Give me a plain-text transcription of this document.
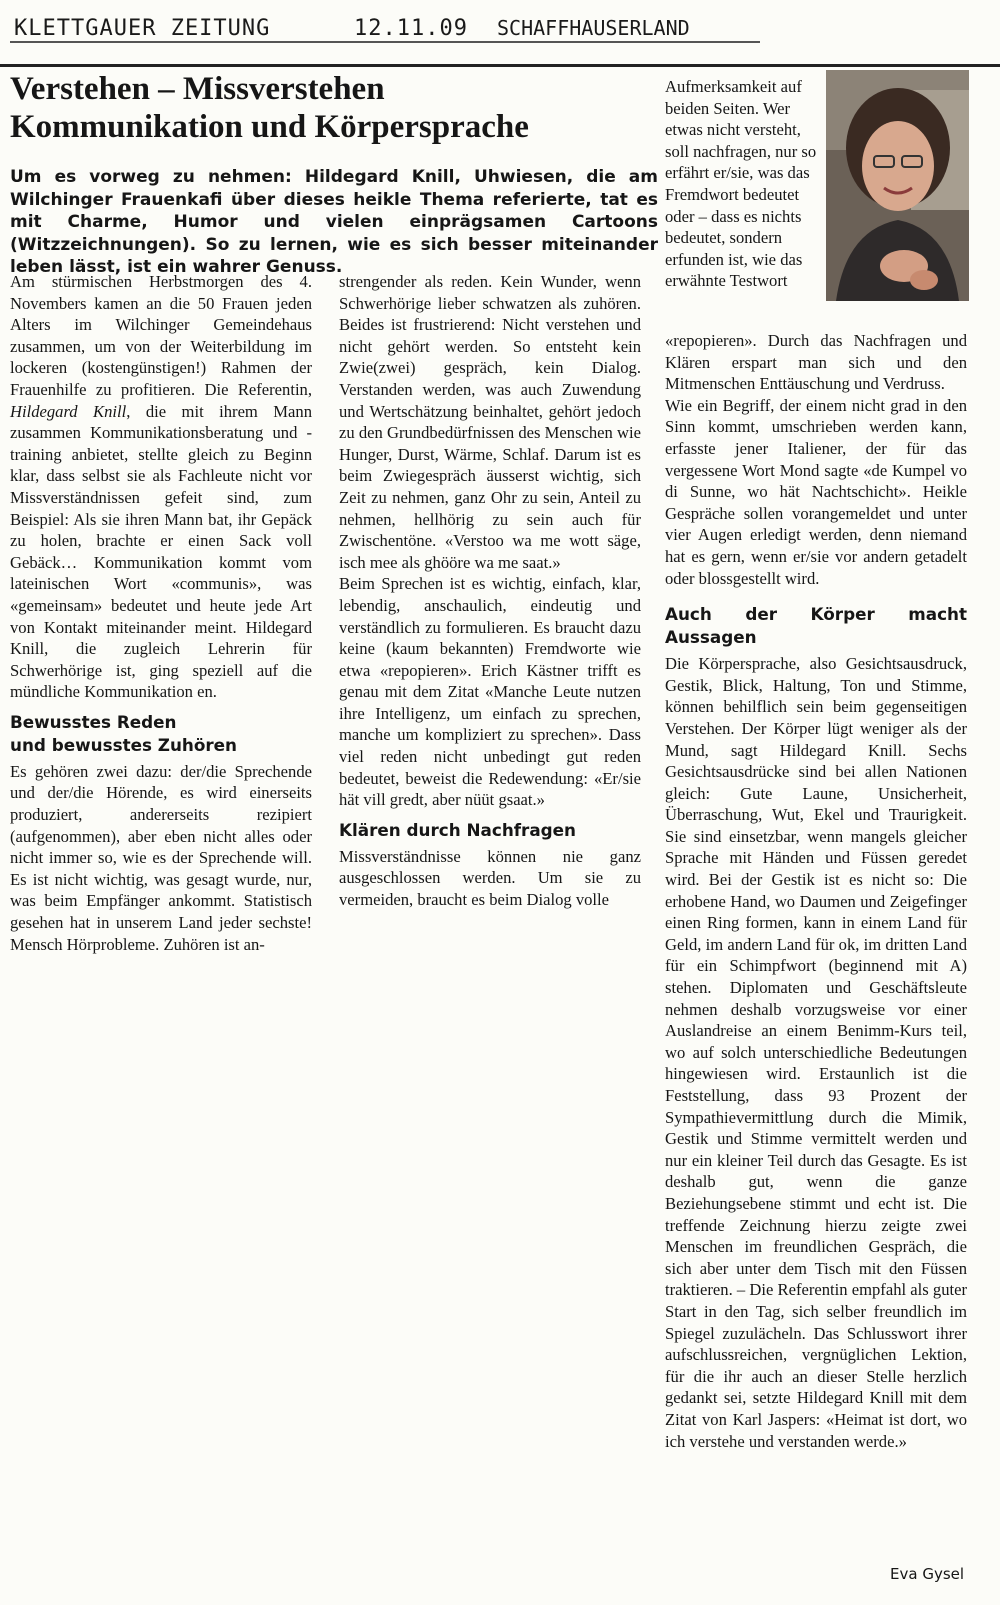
KLETTGAUER ZEITUNG	12.11.09 SCHAFFHAUSERLAND
Verstehen – Missverstehen
Kommunikation und Körpersprache

Um es vorweg zu nehmen: Hildegard Knill, Uhwiesen, die am Wilchinger Frauenkafi über dieses heikle Thema referierte, tat es mit Charme, Humor und vielen einprägsamen Cartoons (Witzzeichnungen). So zu lernen, wie es sich besser miteinander leben lässt, ist ein wahrer Genuss.

Am stürmischen Herbstmorgen des 4. Novembers kamen an die 50 Frauen jeden Alters im Wilchinger Gemeindehaus zusammen, um von der Weiterbildung im lockeren (kostengünstigen!) Rahmen der Frauenhilfe zu profitieren. Die Referentin, Hildegard Knill, die mit ihrem Mann zusammen Kommunikationsberatung und -training anbietet, stellte gleich zu Beginn klar, dass selbst sie als Fachleute nicht vor Missverständnissen gefeit sind, zum Beispiel: Als sie ihren Mann bat, ihr Gepäck zu holen, brachte er einen Sack voll Gebäck… Kommunikation kommt vom lateinischen Wort «communis», was «gemeinsam» bedeutet und heute jede Art von Kontakt miteinander meint. Hildegard Knill, die zugleich Lehrerin für Schwerhörige ist, ging speziell auf die mündliche Kommunikation en.

Bewusstes Reden
und bewusstes Zuhören

Es gehören zwei dazu: der/die Sprechende und der/die Hörende, es wird einerseits produziert, andererseits rezipiert (aufgenommen), aber eben nicht alles oder nicht immer so, wie es der Sprechende will. Es ist nicht wichtig, was gesagt wurde, nur, was beim Empfänger ankommt. Statistisch gesehen hat in unserem Land jeder sechste! Mensch Hörprobleme. Zuhören ist an-

strengender als reden. Kein Wunder, wenn Schwerhörige lieber schwatzen als zuhören. Beides ist frustrierend: Nicht verstehen und nicht gehört werden. So entsteht kein Zwie(zwei) gespräch, kein Dialog. Verstanden werden, was auch Zuwendung und Wertschätzung beinhaltet, gehört jedoch zu den Grundbedürfnissen des Menschen wie Hunger, Durst, Wärme, Schlaf. Darum ist es beim Zwiegespräch äusserst wichtig, sich Zeit zu nehmen, ganz Ohr zu sein, Anteil zu nehmen, hellhörig zu sein auch für Zwischentöne. «Verstoo wa me wott säge, isch mee als ghööre wa me saat.»

Beim Sprechen ist es wichtig, einfach, klar, lebendig, anschaulich, eindeutig und verständlich zu formulieren. Es braucht dazu keine (kaum bekannten) Fremdworte wie etwa «repopieren». Erich Kästner trifft es genau mit dem Zitat «Manche Leute nutzen ihre Intelligenz, um einfach zu sprechen, manche um kompliziert zu sprechen». Dass viel reden nicht unbedingt gut reden bedeutet, beweist die Redewendung: «Er/sie hät vill gredt, aber nüüt gsaat.»

Klären durch Nachfragen

Missverständnisse können nie ganz ausgeschlossen werden. Um sie zu vermeiden, braucht es beim Dialog volle

Aufmerksamkeit auf beiden Seiten. Wer etwas nicht versteht, soll nachfragen, nur so erfährt er/sie, was das Fremdwort bedeutet oder – dass es nichts bedeutet, sondern erfunden ist, wie das erwähnte Testwort

«repopieren». Durch das Nachfragen und Klären erspart man sich und den Mitmenschen Enttäuschung und Verdruss.

Wie ein Begriff, der einem nicht grad in den Sinn kommt, umschrieben werden kann, erfasste jener Italiener, der für das vergessene Wort Mond sagte «de Kumpel vo di Sunne, wo hät Nachtschicht». Heikle Gespräche sollen vorangemeldet und unter vier Augen erledigt werden, denn niemand hat es gern, wenn er/sie vor andern getadelt oder blossgestellt wird.

Auch der Körper macht Aussagen

Die Körpersprache, also Gesichtsausdruck, Gestik, Blick, Haltung, Ton und Stimme, können behilflich sein beim gegenseitigen Verstehen. Der Körper lügt weniger als der Mund, sagt Hildegard Knill. Sechs Gesichtsausdrücke sind bei allen Nationen gleich: Gute Laune, Unsicherheit, Überraschung, Wut, Ekel und Traurigkeit. Sie sind einsetzbar, wenn mangels gleicher Sprache mit Händen und Füssen geredet wird. Bei der Gestik ist es nicht so: Die erhobene Hand, wo Daumen und Zeigefinger einen Ring formen, kann in einem Land für Geld, im andern Land für ok, im dritten Land für ein Schimpfwort (beginnend mit A) stehen. Diplomaten und Geschäftsleute nehmen deshalb vorzugsweise vor einer Auslandreise an einem Benimm-Kurs teil, wo auf solch unterschiedliche Bedeutungen hingewiesen wird. Erstaunlich ist die Feststellung, dass 93 Prozent der Sympathievermittlung durch die Mimik, Gestik und Stimme vermittelt werden und nur ein kleiner Teil durch das Gesagte. Es ist deshalb gut, wenn die ganze Beziehungsebene stimmt und echt ist. Die treffende Zeichnung hierzu zeigte zwei Menschen im freundlichen Gespräch, die sich aber unter dem Tisch mit den Füssen traktieren. – Die Referentin empfahl als guter Start in den Tag, sich selber freundlich im Spiegel zuzulächeln. Das Schlusswort ihrer aufschlussreichen, vergnüglichen Lektion, für die ihr auch an dieser Stelle herzlich gedankt sei, setzte Hildegard Knill mit dem Zitat von Karl Jaspers: «Heimat ist dort, wo ich verstehe und verstanden werde.»

Eva Gysel
